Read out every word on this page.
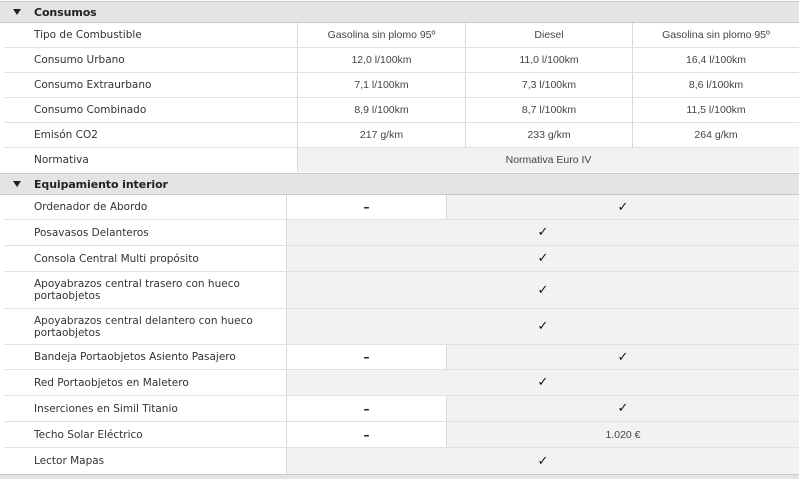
Consumos
Tipo de Combustible	Gasolina sin plomo 95º	Diesel	Gasolina sin plomo 95º
Consumo Urbano	12,0 l/100km	11,0 l/100km	16,4 l/100km
Consumo Extraurbano	7,1 l/100km	7,3 l/100km	8,6 l/100km
Consumo Combinado	8,9 l/100km	8,7 l/100km	11,5 l/100km
Emisón CO2	217 g/km	233 g/km	264 g/km
Normativa	Normativa Euro IV
Equipamiento interior
Ordenador de Abordo	–	✓
Posavasos Delanteros	✓
Consola Central Multi propósito	✓
Apoyabrazos central trasero con hueco portaobjetos	✓
Apoyabrazos central delantero con hueco portaobjetos	✓
Bandeja Portaobjetos Asiento Pasajero	–	✓
Red Portaobjetos en Maletero	✓
Inserciones en Simil Titanio	–	✓
Techo Solar Eléctrico	–	1.020 €
Lector Mapas	✓
